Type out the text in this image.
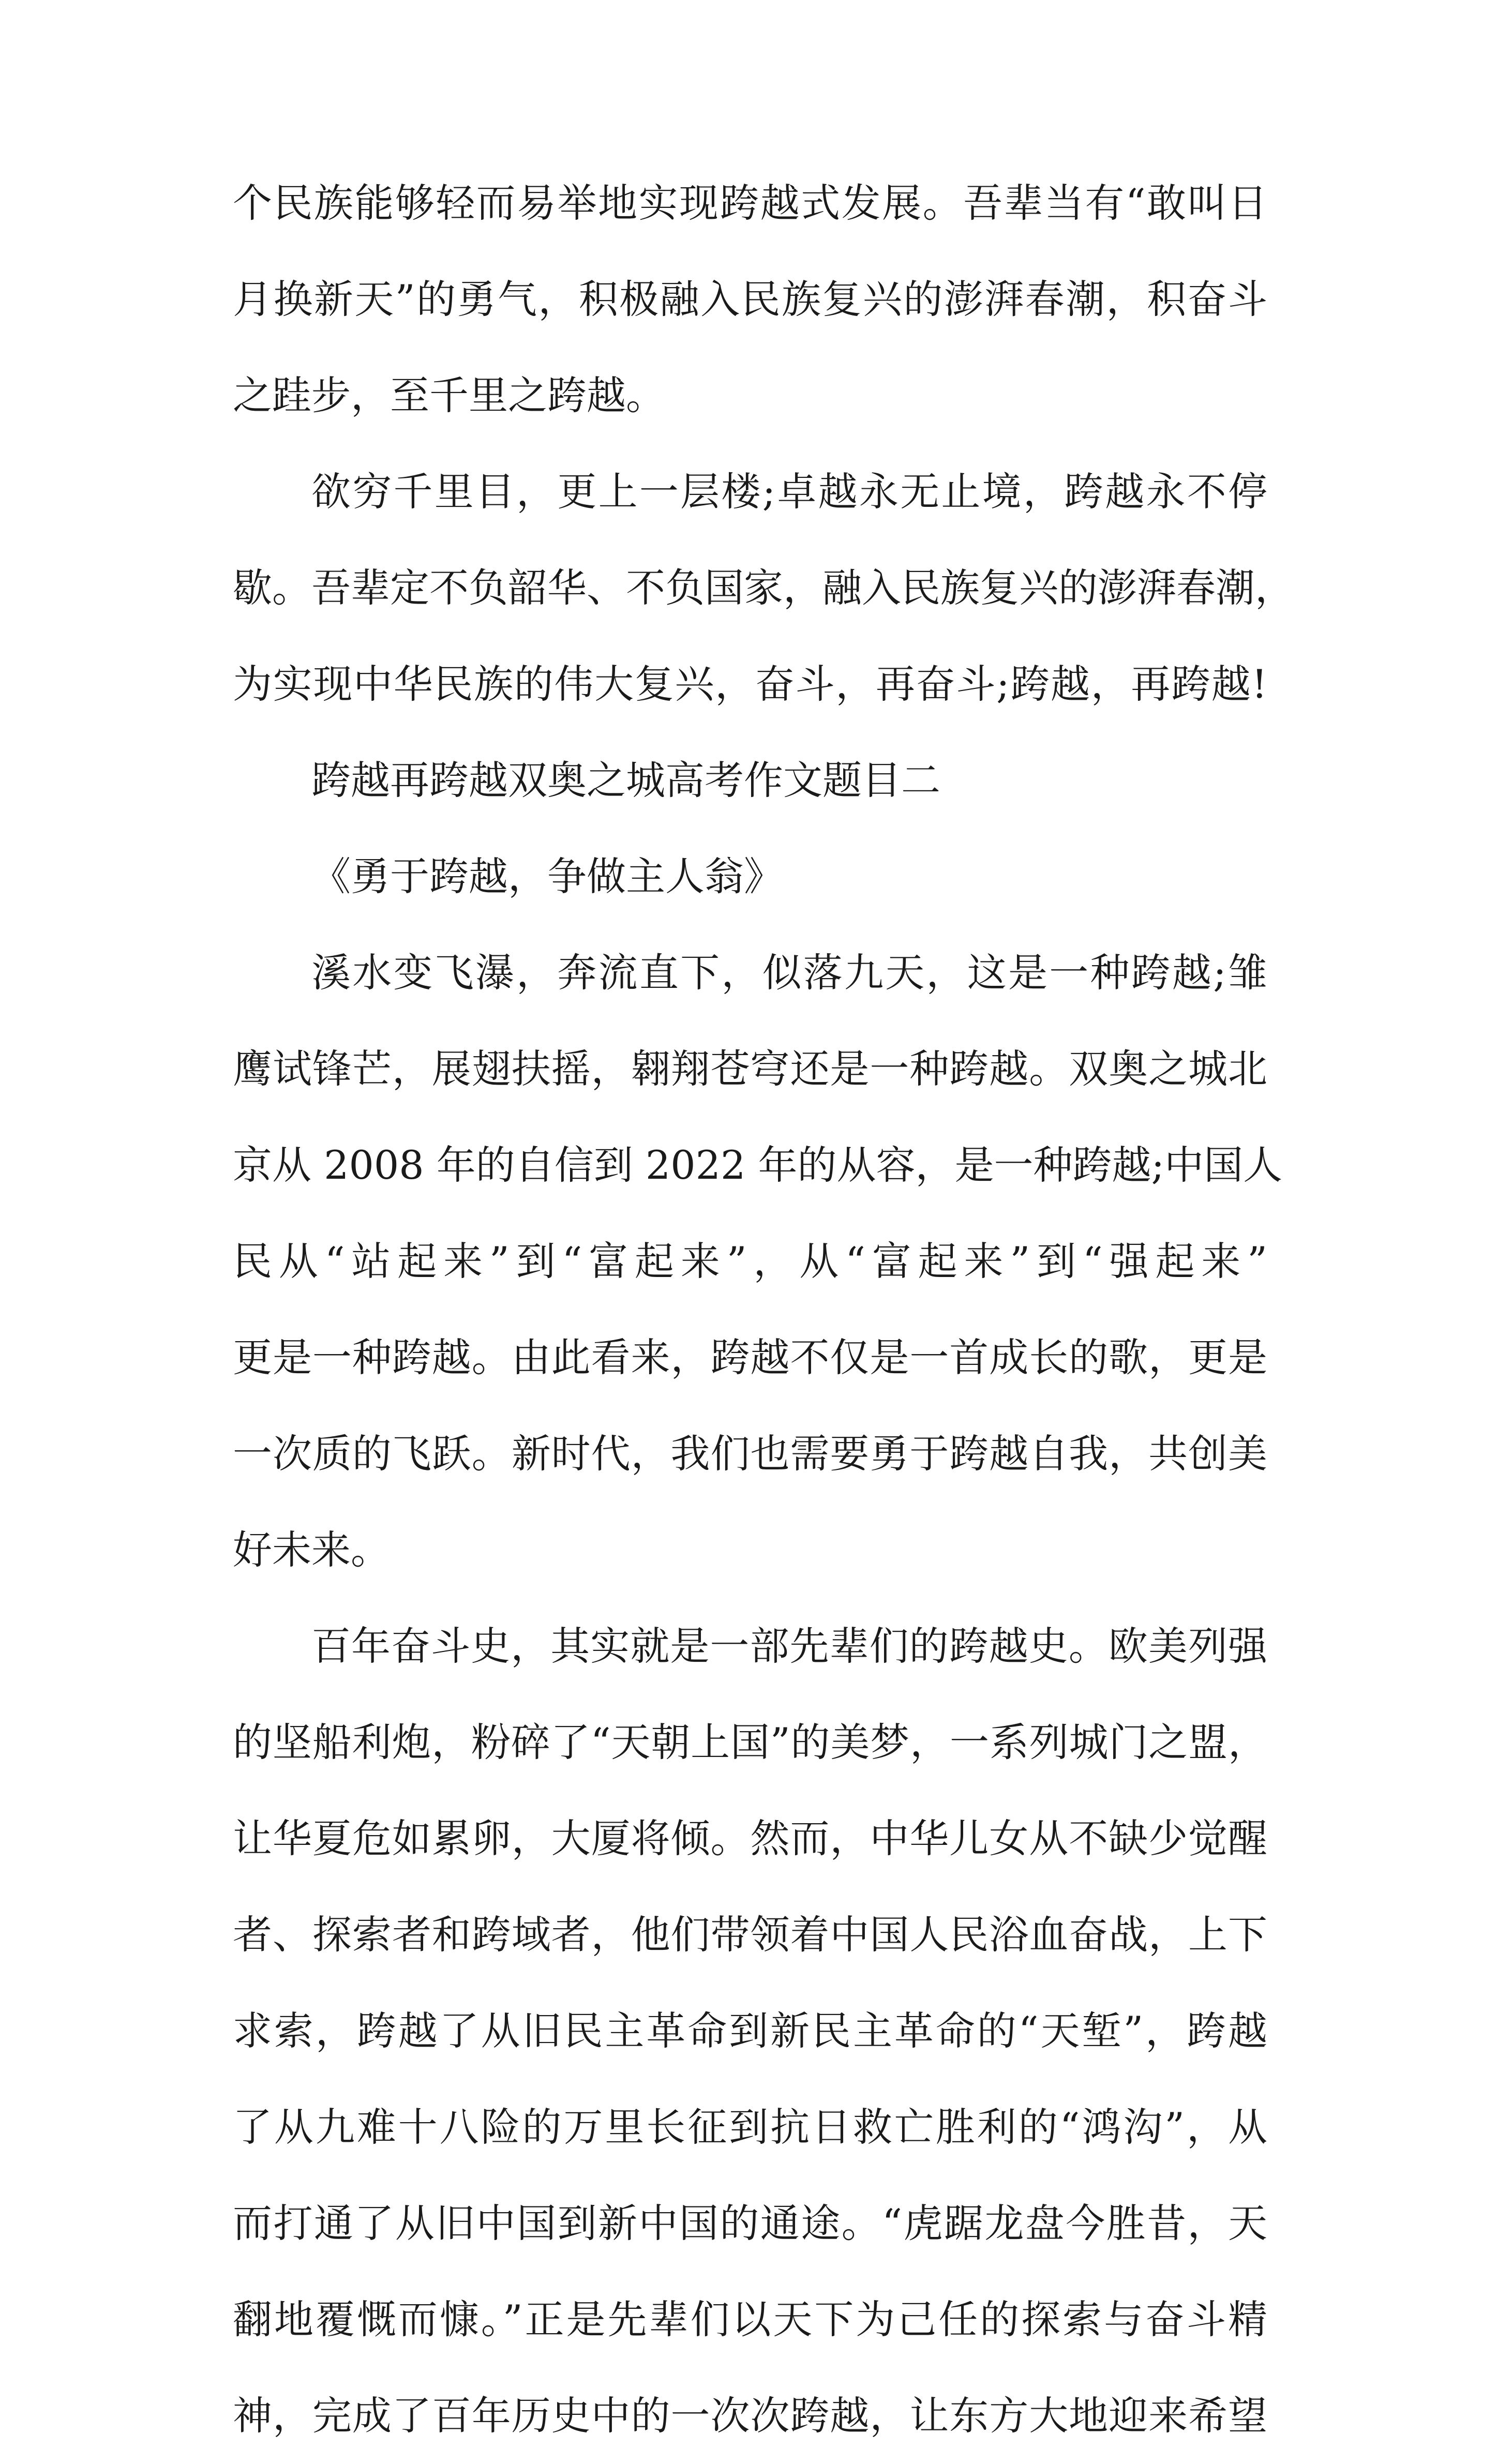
个民族能够轻而易举地实现跨越式发展。吾辈当有“敢叫日
月换新天”的勇气，积极融入民族复兴的澎湃春潮，积奋斗
之跬步，至千里之跨越。
欲穷千里目，更上一层楼;卓越永无止境，跨越永不停
歇。吾辈定不负韶华、不负国家，融入民族复兴的澎湃春潮，
为实现中华民族的伟大复兴，奋斗，再奋斗;跨越，再跨越!
跨越再跨越双奥之城高考作文题目二
《勇于跨越，争做主人翁》
溪水变飞瀑，奔流直下，似落九天，这是一种跨越;雏
鹰试锋芒，展翅扶摇，翱翔苍穹还是一种跨越。双奥之城北
京从 2008 年的自信到 2022 年的从容，是一种跨越;中国人
民从“站起来”到“富起来”，从“富起来”到“强起来”
更是一种跨越。由此看来，跨越不仅是一首成长的歌，更是
一次质的飞跃。新时代，我们也需要勇于跨越自我，共创美
好未来。
百年奋斗史，其实就是一部先辈们的跨越史。欧美列强
的坚船利炮，粉碎了“天朝上国”的美梦，一系列城门之盟，
让华夏危如累卵，大厦将倾。然而，中华儿女从不缺少觉醒
者、探索者和跨域者，他们带领着中国人民浴血奋战，上下
求索，跨越了从旧民主革命到新民主革命的“天堑”，跨越
了从九难十八险的万里长征到抗日救亡胜利的“鸿沟”，从
而打通了从旧中国到新中国的通途。“虎踞龙盘今胜昔，天
翻地覆慨而慷。”正是先辈们以天下为己任的探索与奋斗精
神，完成了百年历史中的一次次跨越，让东方大地迎来希望
